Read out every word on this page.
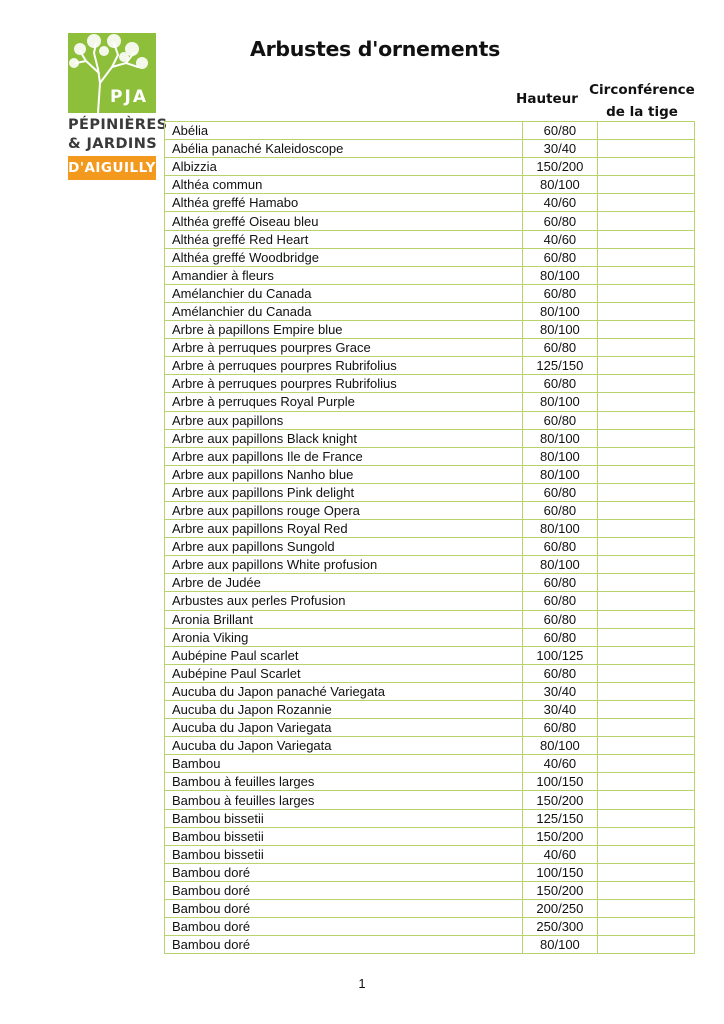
PJA
PÉPINIÈRES
& JARDINS
D'AIGUILLY
Arbustes d'ornements
Hauteur
Circonférence
de la tige
Abélia	60/80	
Abélia panaché Kaleidoscope	30/40	
Albizzia	150/200	
Althéa commun	80/100	
Althéa greffé Hamabo	40/60	
Althéa greffé Oiseau bleu	60/80	
Althéa greffé Red Heart	40/60	
Althéa greffé Woodbridge	60/80	
Amandier à fleurs	80/100	
Amélanchier du Canada	60/80	
Amélanchier du Canada	80/100	
Arbre à papillons Empire blue	80/100	
Arbre à perruques pourpres Grace	60/80	
Arbre à perruques pourpres Rubrifolius	125/150	
Arbre à perruques pourpres Rubrifolius	60/80	
Arbre à perruques Royal Purple	80/100	
Arbre aux papillons	60/80	
Arbre aux papillons Black knight	80/100	
Arbre aux papillons Ile de France	80/100	
Arbre aux papillons Nanho blue	80/100	
Arbre aux papillons Pink delight	60/80	
Arbre aux papillons rouge Opera	60/80	
Arbre aux papillons Royal Red	80/100	
Arbre aux papillons Sungold	60/80	
Arbre aux papillons White profusion	80/100	
Arbre de Judée	60/80	
Arbustes aux perles Profusion	60/80	
Aronia Brillant	60/80	
Aronia Viking	60/80	
Aubépine Paul scarlet	100/125	
Aubépine Paul Scarlet	60/80	
Aucuba du Japon panaché Variegata	30/40	
Aucuba du Japon Rozannie	30/40	
Aucuba du Japon Variegata	60/80	
Aucuba du Japon Variegata	80/100	
Bambou	40/60	
Bambou à feuilles larges	100/150	
Bambou à feuilles larges	150/200	
Bambou bissetii	125/150	
Bambou bissetii	150/200	
Bambou bissetii	40/60	
Bambou doré	100/150	
Bambou doré	150/200	
Bambou doré	200/250	
Bambou doré	250/300	
Bambou doré	80/100	
1
